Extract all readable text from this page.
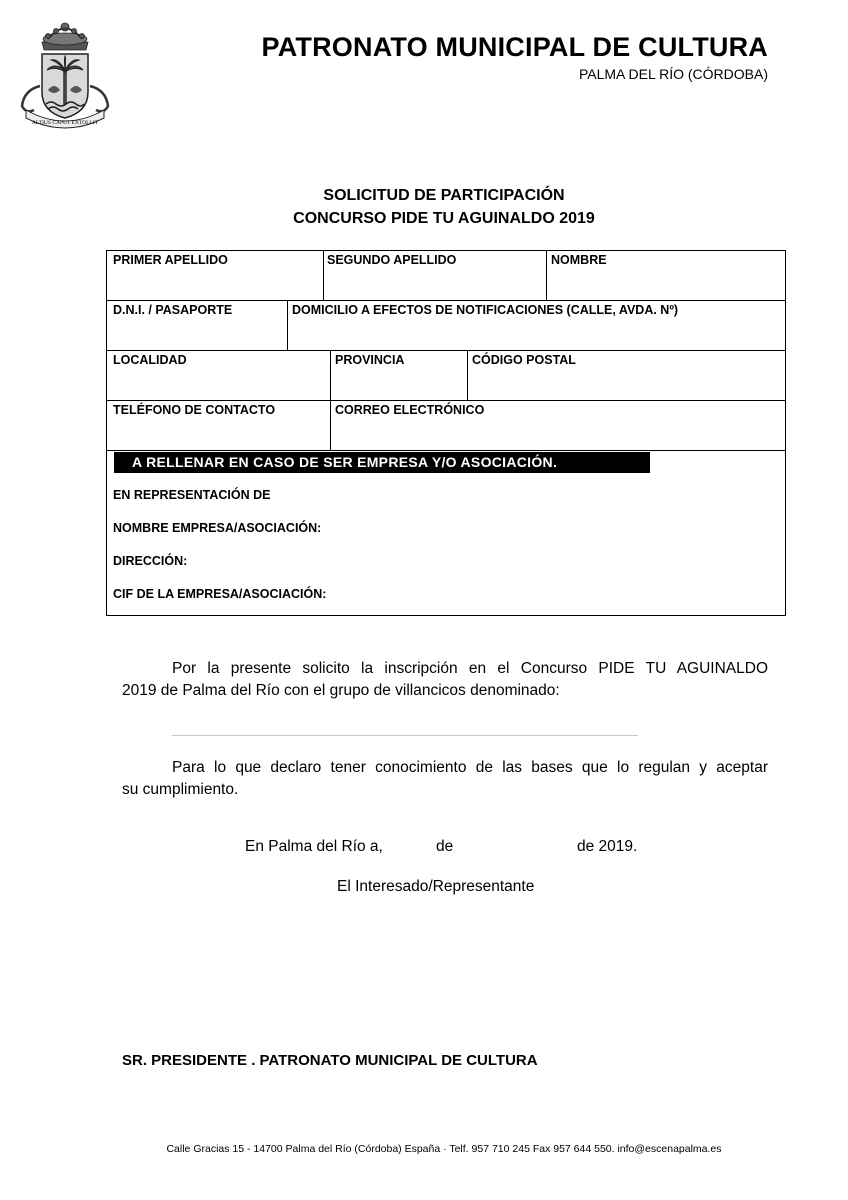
ALTIUS CAPUT EXTOLLIT
PATRONATO MUNICIPAL DE CULTURA
PALMA DEL RÍO (CÓRDOBA)
SOLICITUD DE PARTICIPACIÓN
CONCURSO PIDE TU AGUINALDO 2019
PRIMER APELLIDO	SEGUNDO APELLIDO	NOMBRE
D.N.I. / PASAPORTE	DOMICILIO A EFECTOS DE NOTIFICACIONES (CALLE, AVDA. Nº)
LOCALIDAD	PROVINCIA	CÓDIGO POSTAL
TELÉFONO DE CONTACTO	CORREO ELECTRÓNICO
A RELLENAR EN CASO DE SER EMPRESA Y/O ASOCIACIÓN.
EN REPRESENTACIÓN DE
NOMBRE EMPRESA/ASOCIACIÓN:
DIRECCIÓN:
CIF DE LA EMPRESA/ASOCIACIÓN:
Por la presente solicito la inscripción en el Concurso PIDE TU AGUINALDO
2019 de Palma del Río con el grupo de villancicos denominado:
Para lo que declaro tener conocimiento de las bases que lo regulan y aceptar
su cumplimiento.
En Palma del Río a,	de	de 2019.
El Interesado/Representante
SR. PRESIDENTE . PATRONATO MUNICIPAL DE CULTURA
Calle Gracias 15 - 14700 Palma del Río (Córdoba) España · Telf. 957 710 245 Fax 957 644 550. info@escenapalma.es
